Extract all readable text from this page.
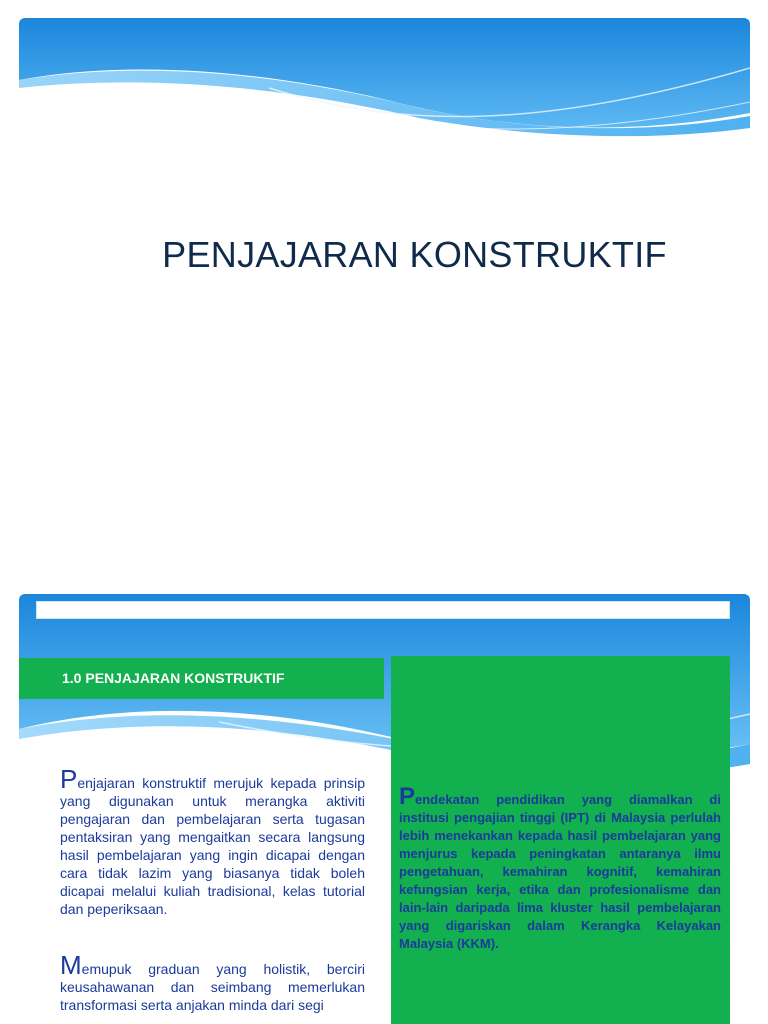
PENJAJARAN KONSTRUKTIF
1.0 PENJAJARAN KONSTRUKTIF

Penjajaran konstruktif merujuk kepada prinsip yang digunakan untuk merangka aktiviti pengajaran dan pembelajaran serta tugasan pentaksiran yang mengaitkan secara langsung hasil pembelajaran yang ingin dicapai dengan cara tidak lazim yang biasanya tidak boleh dicapai melalui kuliah tradisional, kelas tutorial dan peperiksaan.

Memupuk graduan yang holistik, berciri keusahawanan dan seimbang memerlukan transformasi serta anjakan minda dari segi

Pendekatan pendidikan yang diamalkan di institusi pengajian tinggi (IPT) di Malaysia perlulah lebih menekankan kepada hasil pembelajaran yang menjurus kepada peningkatan antaranya ilmu pengetahuan, kemahiran kognitif, kemahiran kefungsian kerja, etika dan profesionalisme dan lain-lain daripada lima kluster hasil pembelajaran yang digariskan dalam Kerangka Kelayakan Malaysia (KKM).
